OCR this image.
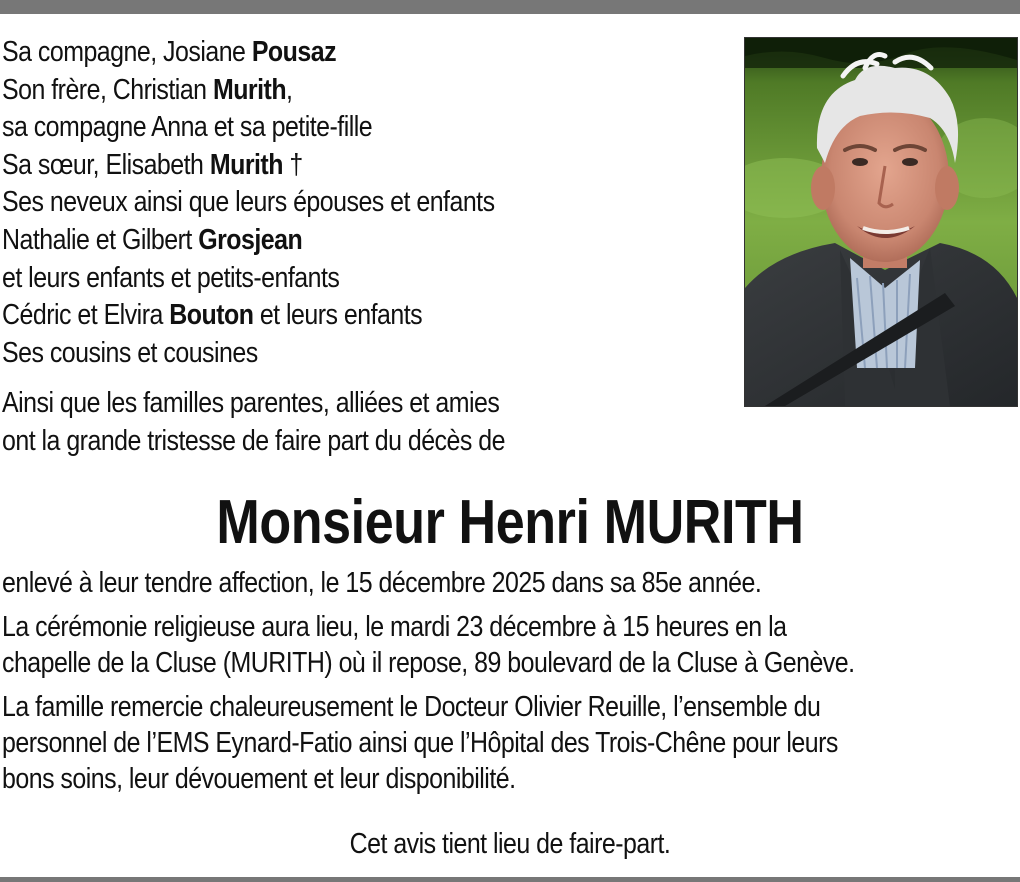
Sa compagne, Josiane Pousaz
Son frère, Christian Murith,
sa compagne Anna et sa petite-fille
Sa sœur, Elisabeth Murith †
Ses neveux ainsi que leurs épouses et enfants
Nathalie et Gilbert Grosjean
et leurs enfants et petits-enfants
Cédric et Elvira Bouton et leurs enfants
Ses cousins et cousines
Ainsi que les familles parentes, alliées et amies
ont la grande tristesse de faire part du décès de
Monsieur Henri MURITH

enlevé à leur tendre affection, le 15 décembre 2025 dans sa 85e année.

La cérémonie religieuse aura lieu, le mardi 23 décembre à 15 heures en la

chapelle de la Cluse (MURITH) où il repose, 89 boulevard de la Cluse à Genève.

La famille remercie chaleureusement le Docteur Olivier Reuille, l’ensemble du

personnel de l’EMS Eynard-Fatio ainsi que l’Hôpital des Trois-Chêne pour leurs

bons soins, leur dévouement et leur disponibilité.

Cet avis tient lieu de faire-part.
